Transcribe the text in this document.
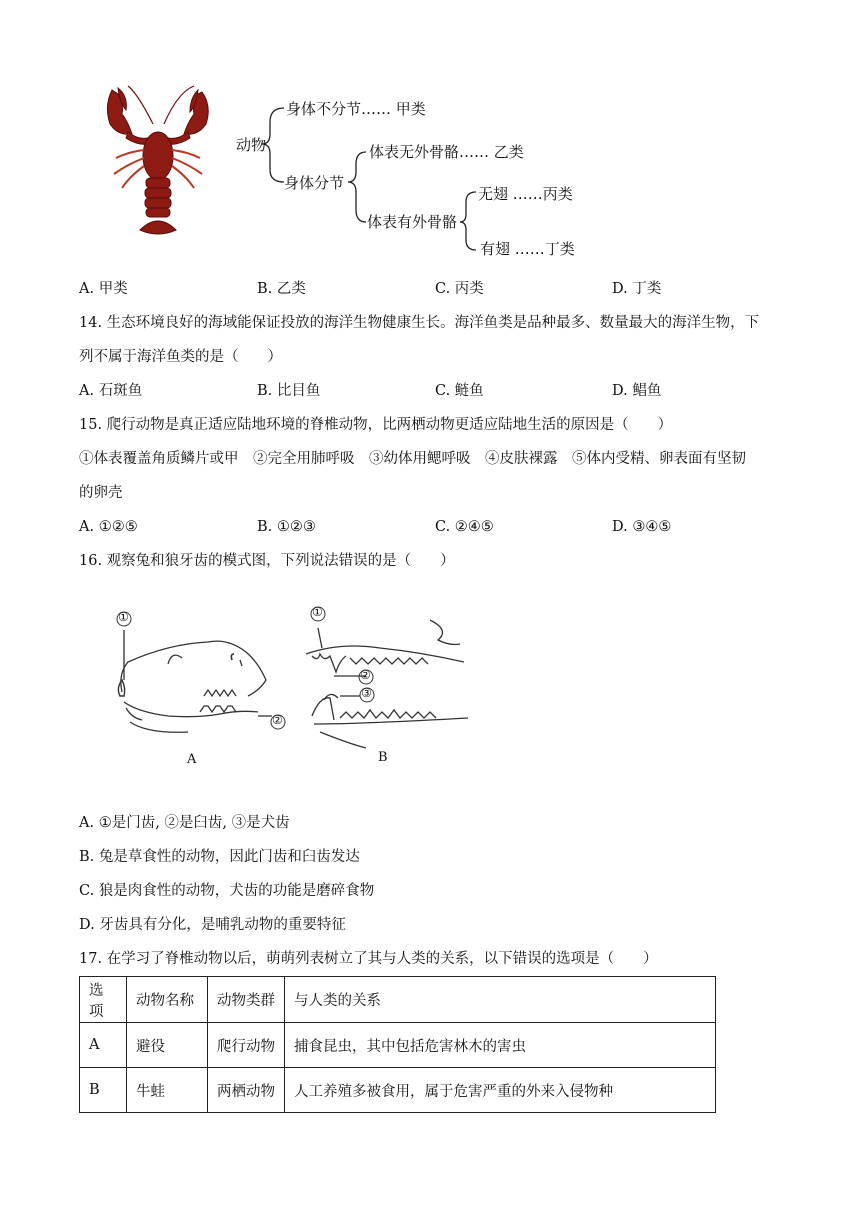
动物
身体不分节…… 甲类
身体分节
体表无外骨骼…… 乙类
体表有外骨骼
无翅 ……丙类
有翅 ……丁类
A. 甲类	B. 乙类	C. 丙类	D. 丁类
14. 生态环境良好的海域能保证投放的海洋生物健康生长。海洋鱼类是品种最多、数量最大的海洋生物，下
列不属于海洋鱼类的是（　　）
A. 石斑鱼	B. 比目鱼	C. 鲢鱼	D. 鲳鱼
15. 爬行动物是真正适应陆地环境的脊椎动物，比两栖动物更适应陆地生活的原因是（　　）
①体表覆盖角质鳞片或甲　②完全用肺呼吸　③幼体用鳃呼吸　④皮肤裸露　⑤体内受精、卵表面有坚韧
的卵壳
A. ①②⑤	B. ①②③	C. ②④⑤	D. ③④⑤
16. 观察兔和狼牙齿的模式图，下列说法错误的是（　　）
①
②
①
②
③
A	B
A. ①是门齿, ②是臼齿, ③是犬齿
B. 兔是草食性的动物，因此门齿和臼齿发达
C. 狼是肉食性的动物，犬齿的功能是磨碎食物
D. 牙齿具有分化，是哺乳动物的重要特征
17. 在学习了脊椎动物以后，萌萌列表树立了其与人类的关系，以下错误的选项是（　　）
选项	动物名称	动物类群	与人类的关系
A	避役	爬行动物	捕食昆虫，其中包括危害林木的害虫
B	牛蛙	两栖动物	人工养殖多被食用，属于危害严重的外来入侵物种
